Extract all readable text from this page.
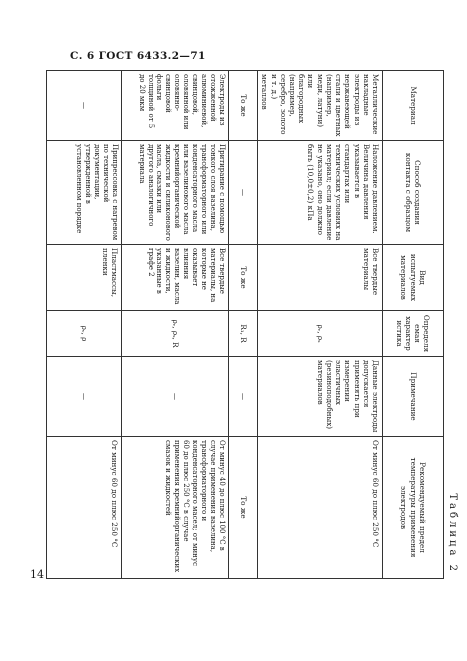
С. 6 ГОСТ 6433.2—71
Таблица 2
Материал	Способ создания контакта с образцом	Вид испытуемых материалов	Определяемая характеристика	Примечание	Рекомендуемый предел температуры применения электродов
Металлические накладные электроды из нержавеющей стали и цветных (например, меди, латуни) или благородных (например, серебро, золото и т. д.) металлов	Наложение давлением. Величина давления указывается в стандартах или технических условиях на материал; если давление не указано, оно должно быть (10,0±0,2) кПа	Все твердые материалы	ρᵥ, ρₛ	Данные электроды допускается применять при измерении эластичных (резиноподобных) материалов	От минус 60 до плюс 250 °С
То же	—	То же	R₁, R	—	То же
Электроды из отожженной алюминиевой, свинцовой, оловянной или оловянно-свинцовой фольги толщиной от 5 до 20 мкм	Притирание с помощью тонкого слоя вазелина, трансформаторного или конденсаторного масла или вазелинового масла кремнийорганической жидкости и силиконового масла, смазки или другого аналогичного материала	Все твердые материалы, на которые не оказывает влияния вазелин, масла и жидкости, указанные в графе 2	ρᵥ, ρₛ, R	—	От минус 40 до плюс 100 °С в случае применения вазелина, трансформаторного и конденсаторного масел; от минус 60 до плюс 250 °С в случае применения кремнийорганических смазок и жидкостей
—	Припрессовка с нагревом по технической документации, утвержденной в установленном порядке	Пластмассы, пленки	ρᵥ, ρ	—	От минус 60 до плюс 250 °С
14
